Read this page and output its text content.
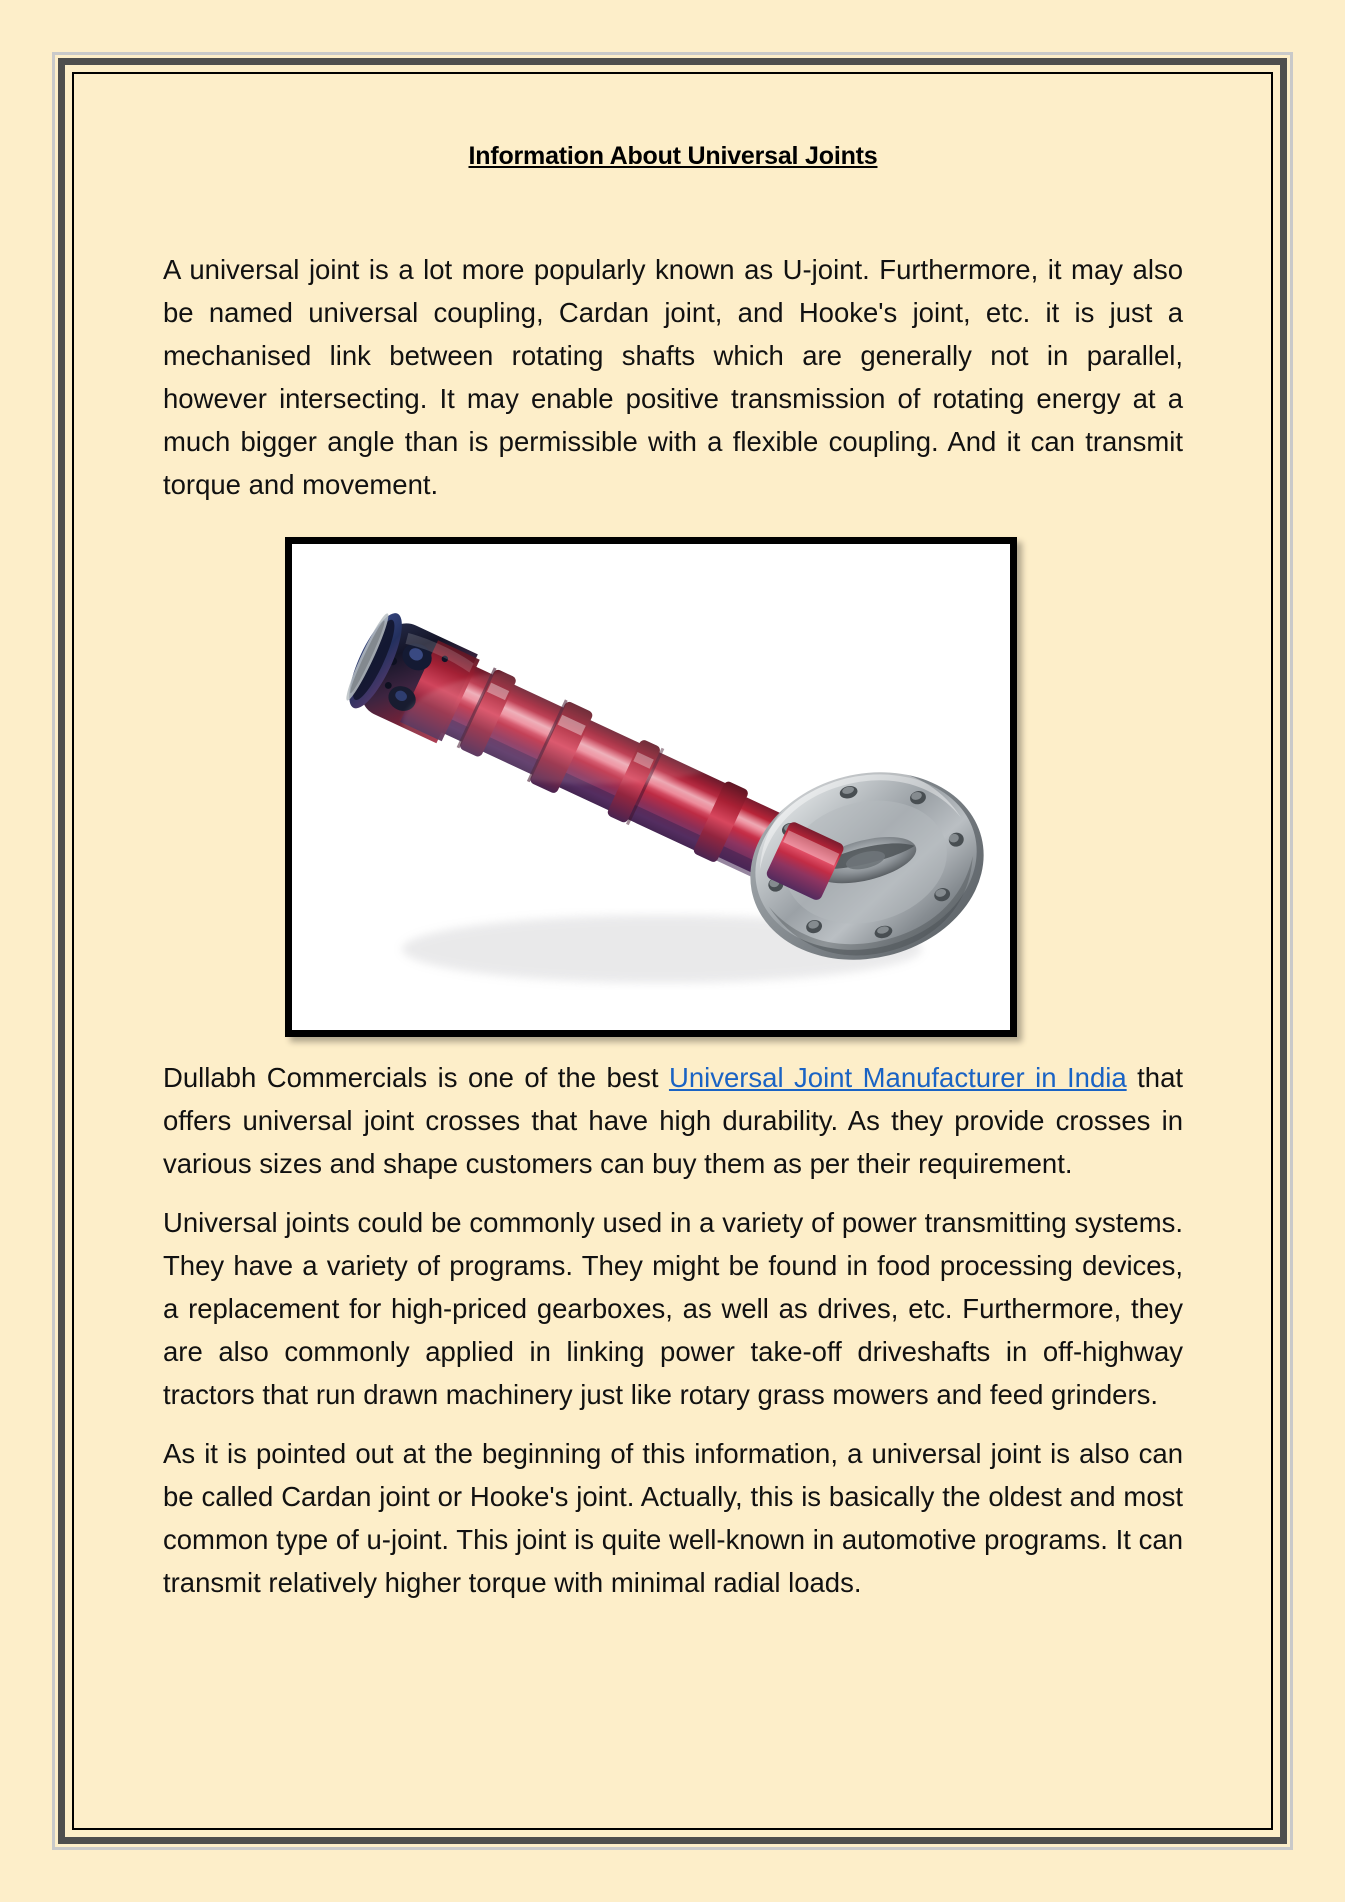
Information About Universal Joints

A universal joint is a lot more popularly known as U-joint. Furthermore, it may also be named universal coupling, Cardan joint, and Hooke's joint, etc. it is just a mechanised link between rotating shafts which are generally not in parallel, however intersecting. It may enable positive transmission of rotating energy at a much bigger angle than is permissible with a flexible coupling. And it can transmit torque and movement.

Dullabh Commercials is one of the best Universal Joint Manufacturer in India that offers universal joint crosses that have high durability. As they provide crosses in various sizes and shape customers can buy them as per their requirement.

Universal joints could be commonly used in a variety of power transmitting systems. They have a variety of programs. They might be found in food processing devices, a replacement for high-priced gearboxes, as well as drives, etc. Furthermore, they are also commonly applied in linking power take-off driveshafts in off-highway tractors that run drawn machinery just like rotary grass mowers and feed grinders.

As it is pointed out at the beginning of this information, a universal joint is also can be called Cardan joint or Hooke's joint. Actually, this is basically the oldest and most common type of u-joint. This joint is quite well-known in automotive programs. It can transmit relatively higher torque with minimal radial loads.
